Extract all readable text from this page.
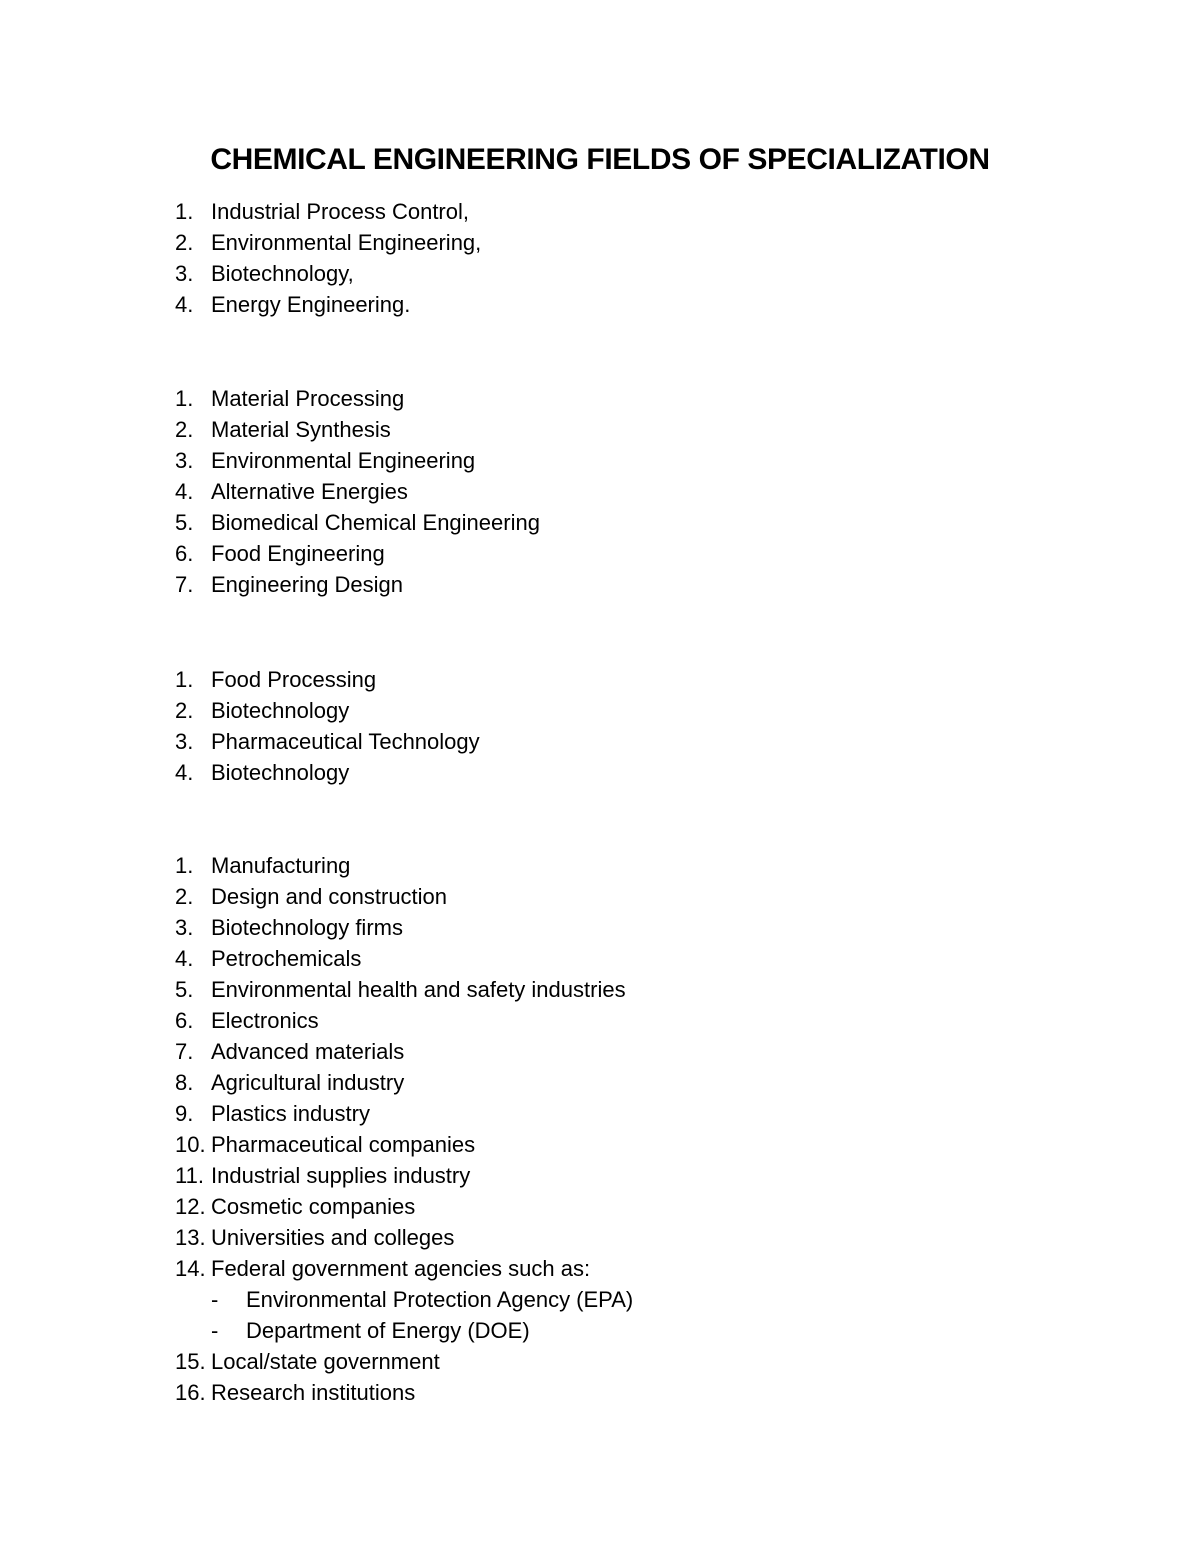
CHEMICAL ENGINEERING FIELDS OF SPECIALIZATION
1. Industrial Process Control,
2. Environmental Engineering,
3. Biotechnology,
4. Energy Engineering.
1. Material Processing
2. Material Synthesis
3. Environmental Engineering
4. Alternative Energies
5. Biomedical Chemical Engineering
6. Food Engineering
7. Engineering Design
1. Food Processing
2. Biotechnology
3. Pharmaceutical Technology
4. Biotechnology
1. Manufacturing
2. Design and construction
3. Biotechnology firms
4. Petrochemicals
5. Environmental health and safety industries
6. Electronics
7. Advanced materials
8. Agricultural industry
9. Plastics industry
10. Pharmaceutical companies
11. Industrial supplies industry
12. Cosmetic companies
13. Universities and colleges
14. Federal government agencies such as:
- Environmental Protection Agency (EPA)
- Department of Energy (DOE)
15. Local/state government
16. Research institutions
